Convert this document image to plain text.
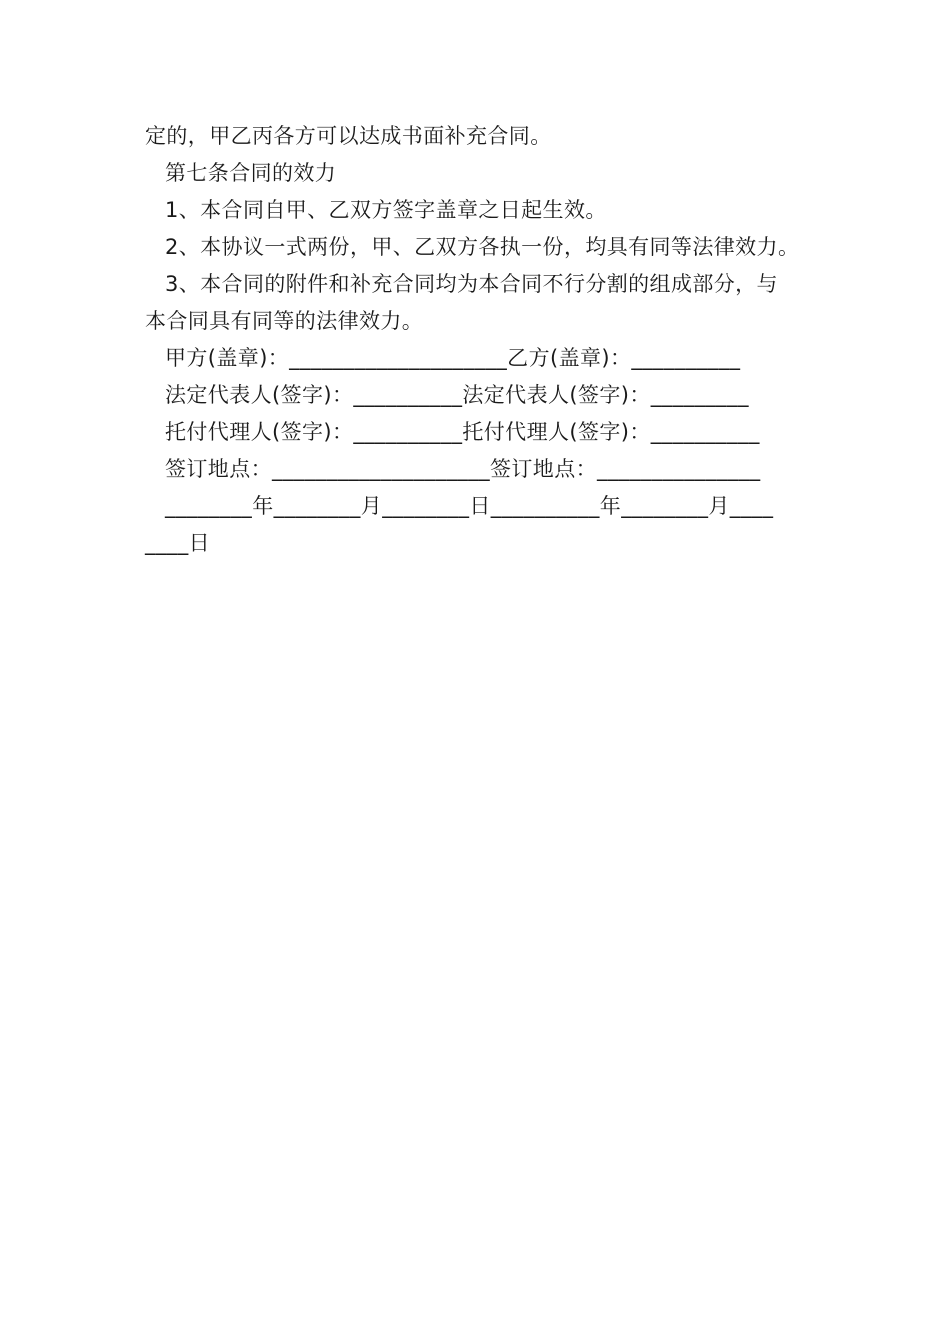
定的，甲乙丙各方可以达成书面补充合同。

第七条合同的效力

1、本合同自甲、乙双方签字盖章之日起生效。

2、本协议一式两份，甲、乙双方各执一份，均具有同等法律效力。

3、本合同的附件和补充合同均为本合同不行分割的组成部分，与

本合同具有同等的法律效力。

甲方(盖章)：____________________乙方(盖章)：__________

法定代表人(签字)：__________法定代表人(签字)：_________

托付代理人(签字)：__________托付代理人(签字)：__________

签订地点：____________________签订地点：_______________

________年________月________日__________年________月____

____日
